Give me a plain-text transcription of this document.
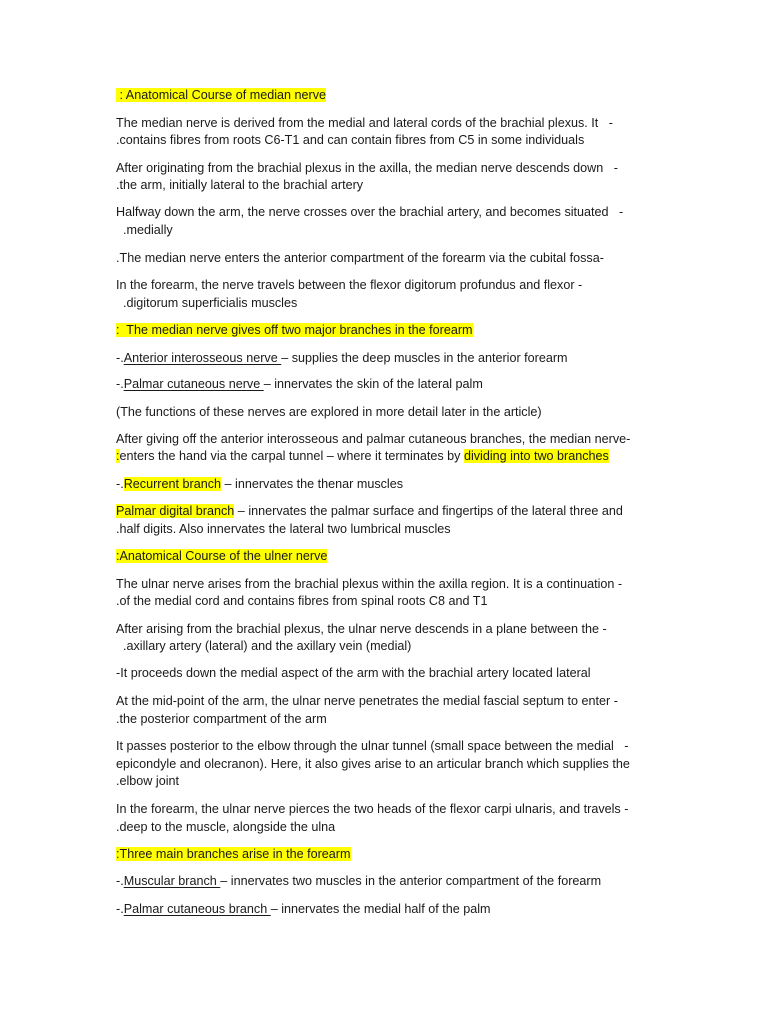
: Anatomical Course of median nerve
The median nerve is derived from the medial and lateral cords of the brachial plexus. It   -
.contains fibres from roots C6-T1 and can contain fibres from C5 in some individuals
After originating from the brachial plexus in the axilla, the median nerve descends down   -
.the arm, initially lateral to the brachial artery
Halfway down the arm, the nerve crosses over the brachial artery, and becomes situated   -
.medially
.The median nerve enters the anterior compartment of the forearm via the cubital fossa-
In the forearm, the nerve travels between the flexor digitorum profundus and flexor -
.digitorum superficialis muscles
:  The median nerve gives off two major branches in the forearm
-.Anterior interosseous nerve – supplies the deep muscles in the anterior forearm
-.Palmar cutaneous nerve – innervates the skin of the lateral palm
(The functions of these nerves are explored in more detail later in the article)
After giving off the anterior interosseous and palmar cutaneous branches, the median nerve-
:enters the hand via the carpal tunnel – where it terminates by dividing into two branches
-.Recurrent branch – innervates the thenar muscles
Palmar digital branch – innervates the palmar surface and fingertips of the lateral three and
.half digits. Also innervates the lateral two lumbrical muscles
:Anatomical Course of the ulner nerve
The ulnar nerve arises from the brachial plexus within the axilla region. It is a continuation -
.of the medial cord and contains fibres from spinal roots C8 and T1
After arising from the brachial plexus, the ulnar nerve descends in a plane between the -
.axillary artery (lateral) and the axillary vein (medial)
-It proceeds down the medial aspect of the arm with the brachial artery located lateral
At the mid-point of the arm, the ulnar nerve penetrates the medial fascial septum to enter -
.the posterior compartment of the arm
It passes posterior to the elbow through the ulnar tunnel (small space between the medial   -
epicondyle and olecranon). Here, it also gives arise to an articular branch which supplies the
.elbow joint
In the forearm, the ulnar nerve pierces the two heads of the flexor carpi ulnaris, and travels -
.deep to the muscle, alongside the ulna
:Three main branches arise in the forearm
-.Muscular branch – innervates two muscles in the anterior compartment of the forearm
-.Palmar cutaneous branch – innervates the medial half of the palm
